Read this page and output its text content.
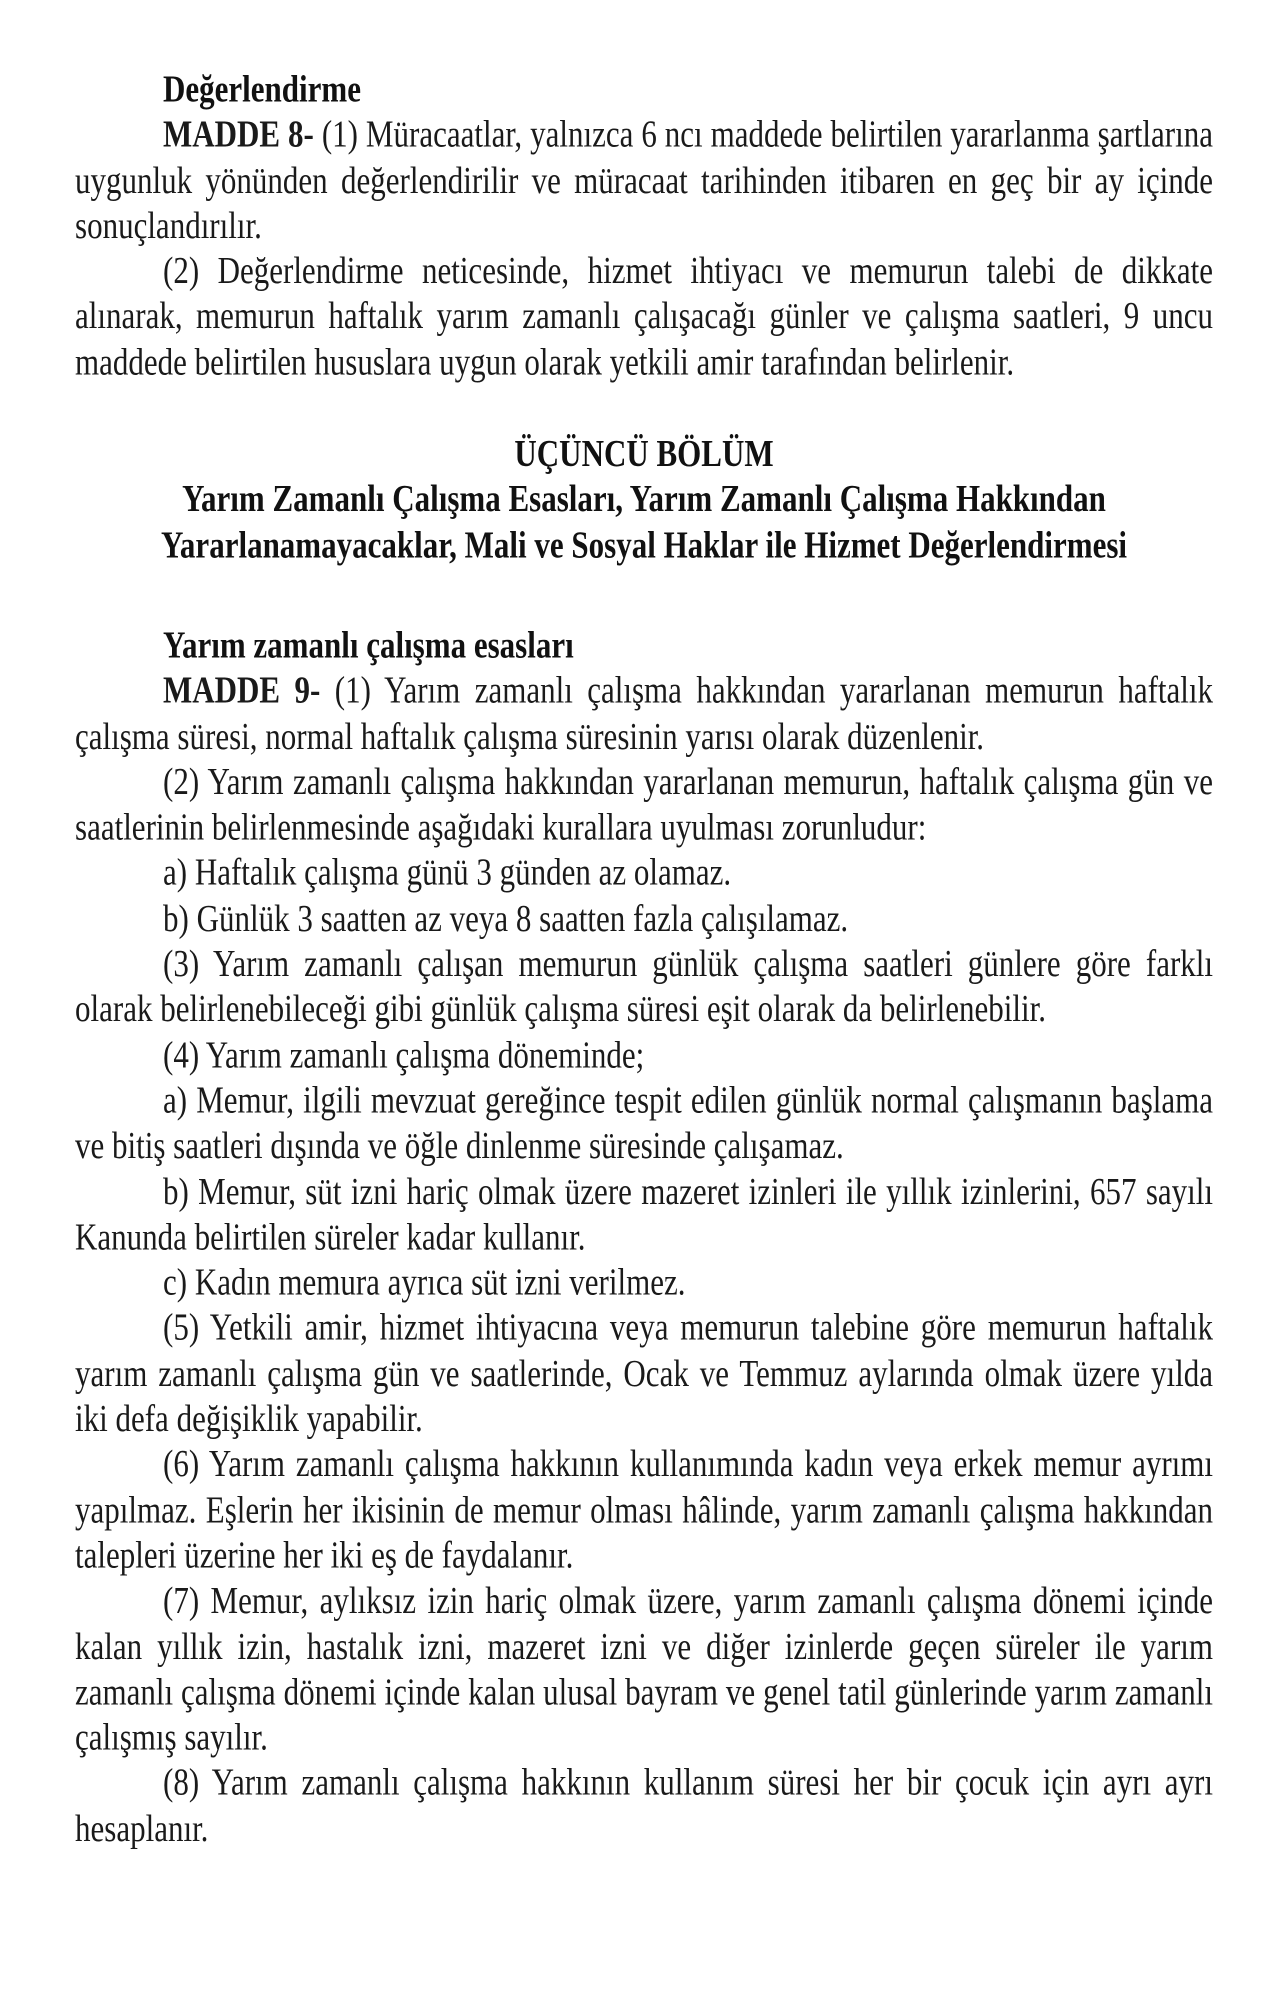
Değerlendirme

MADDE 8- (1) Müracaatlar, yalnızca 6 ncı maddede belirtilen yararlanma şartlarına uygunluk yönünden değerlendirilir ve müracaat tarihinden itibaren en geç bir ay içinde sonuçlandırılır.

(2) Değerlendirme neticesinde, hizmet ihtiyacı ve memurun talebi de dikkate alınarak, memurun haftalık yarım zamanlı çalışacağı günler ve çalışma saatleri, 9 uncu maddede belirtilen hususlara uygun olarak yetkili amir tarafından belirlenir.

ÜÇÜNCÜ BÖLÜM

Yarım Zamanlı Çalışma Esasları, Yarım Zamanlı Çalışma Hakkından Yararlanamayacaklar, Mali ve Sosyal Haklar ile Hizmet Değerlendirmesi

Yarım zamanlı çalışma esasları

MADDE 9- (1) Yarım zamanlı çalışma hakkından yararlanan memurun haftalık çalışma süresi, normal haftalık çalışma süresinin yarısı olarak düzenlenir.

(2) Yarım zamanlı çalışma hakkından yararlanan memurun, haftalık çalışma gün ve saatlerinin belirlenmesinde aşağıdaki kurallara uyulması zorunludur:

a) Haftalık çalışma günü 3 günden az olamaz.

b) Günlük 3 saatten az veya 8 saatten fazla çalışılamaz.

(3) Yarım zamanlı çalışan memurun günlük çalışma saatleri günlere göre farklı olarak belirlenebileceği gibi günlük çalışma süresi eşit olarak da belirlenebilir.

(4) Yarım zamanlı çalışma döneminde;

a) Memur, ilgili mevzuat gereğince tespit edilen günlük normal çalışmanın başlama ve bitiş saatleri dışında ve öğle dinlenme süresinde çalışamaz.

b) Memur, süt izni hariç olmak üzere mazeret izinleri ile yıllık izinlerini, 657 sayılı Kanunda belirtilen süreler kadar kullanır.

c) Kadın memura ayrıca süt izni verilmez.

(5) Yetkili amir, hizmet ihtiyacına veya memurun talebine göre memurun haftalık yarım zamanlı çalışma gün ve saatlerinde, Ocak ve Temmuz aylarında olmak üzere yılda iki defa değişiklik yapabilir.

(6) Yarım zamanlı çalışma hakkının kullanımında kadın veya erkek memur ayrımı yapılmaz. Eşlerin her ikisinin de memur olması hâlinde, yarım zamanlı çalışma hakkından talepleri üzerine her iki eş de faydalanır.

(7) Memur, aylıksız izin hariç olmak üzere, yarım zamanlı çalışma dönemi içinde kalan yıllık izin, hastalık izni, mazeret izni ve diğer izinlerde geçen süreler ile yarım zamanlı çalışma dönemi içinde kalan ulusal bayram ve genel tatil günlerinde yarım zamanlı çalışmış sayılır.

(8) Yarım zamanlı çalışma hakkının kullanım süresi her bir çocuk için ayrı ayrı hesaplanır.
